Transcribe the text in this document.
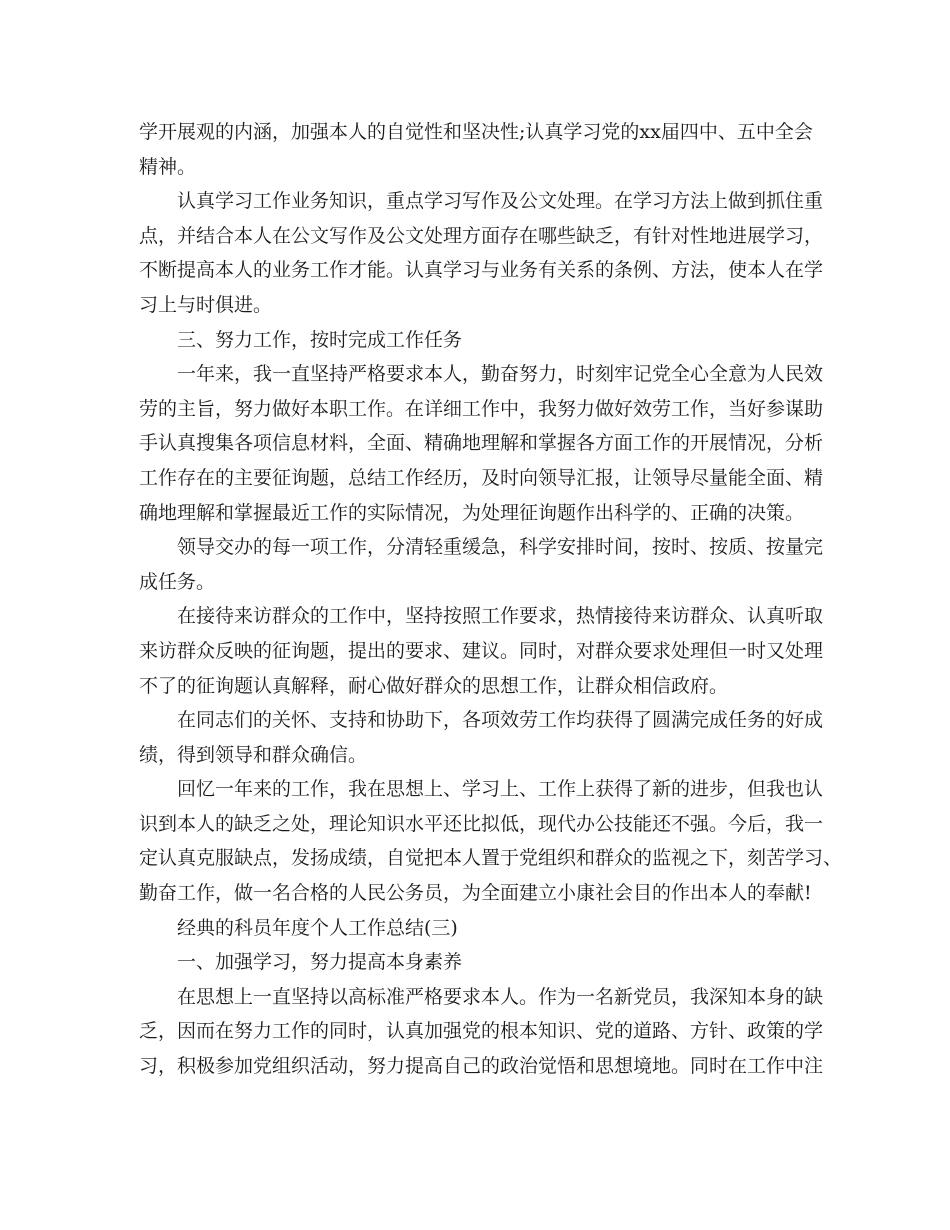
学开展观的内涵，加强本人的自觉性和坚决性;认真学习党的xx届四中、五中全会
精神。

认真学习工作业务知识，重点学习写作及公文处理。在学习方法上做到抓住重
点，并结合本人在公文写作及公文处理方面存在哪些缺乏，有针对性地进展学习，
不断提高本人的业务工作才能。认真学习与业务有关系的条例、方法，使本人在学
习上与时俱进。

三、努力工作，按时完成工作任务

一年来，我一直坚持严格要求本人，勤奋努力，时刻牢记党全心全意为人民效
劳的主旨，努力做好本职工作。在详细工作中，我努力做好效劳工作，当好参谋助
手认真搜集各项信息材料，全面、精确地理解和掌握各方面工作的开展情况，分析
工作存在的主要征询题，总结工作经历，及时向领导汇报，让领导尽量能全面、精
确地理解和掌握最近工作的实际情况，为处理征询题作出科学的、正确的决策。

领导交办的每一项工作，分清轻重缓急，科学安排时间，按时、按质、按量完
成任务。

在接待来访群众的工作中，坚持按照工作要求，热情接待来访群众、认真听取
来访群众反映的征询题，提出的要求、建议。同时，对群众要求处理但一时又处理
不了的征询题认真解释，耐心做好群众的思想工作，让群众相信政府。

在同志们的关怀、支持和协助下，各项效劳工作均获得了圆满完成任务的好成
绩，得到领导和群众确信。

回忆一年来的工作，我在思想上、学习上、工作上获得了新的进步，但我也认
识到本人的缺乏之处，理论知识水平还比拟低，现代办公技能还不强。今后，我一
定认真克服缺点，发扬成绩，自觉把本人置于党组织和群众的监视之下，刻苦学习、
勤奋工作，做一名合格的人民公务员，为全面建立小康社会目的作出本人的奉献!

经典的科员年度个人工作总结(三)

一、加强学习，努力提高本身素养

在思想上一直坚持以高标准严格要求本人。作为一名新党员，我深知本身的缺
乏，因而在努力工作的同时，认真加强党的根本知识、党的道路、方针、政策的学
习，积极参加党组织活动，努力提高自己的政治觉悟和思想境地。同时在工作中注
